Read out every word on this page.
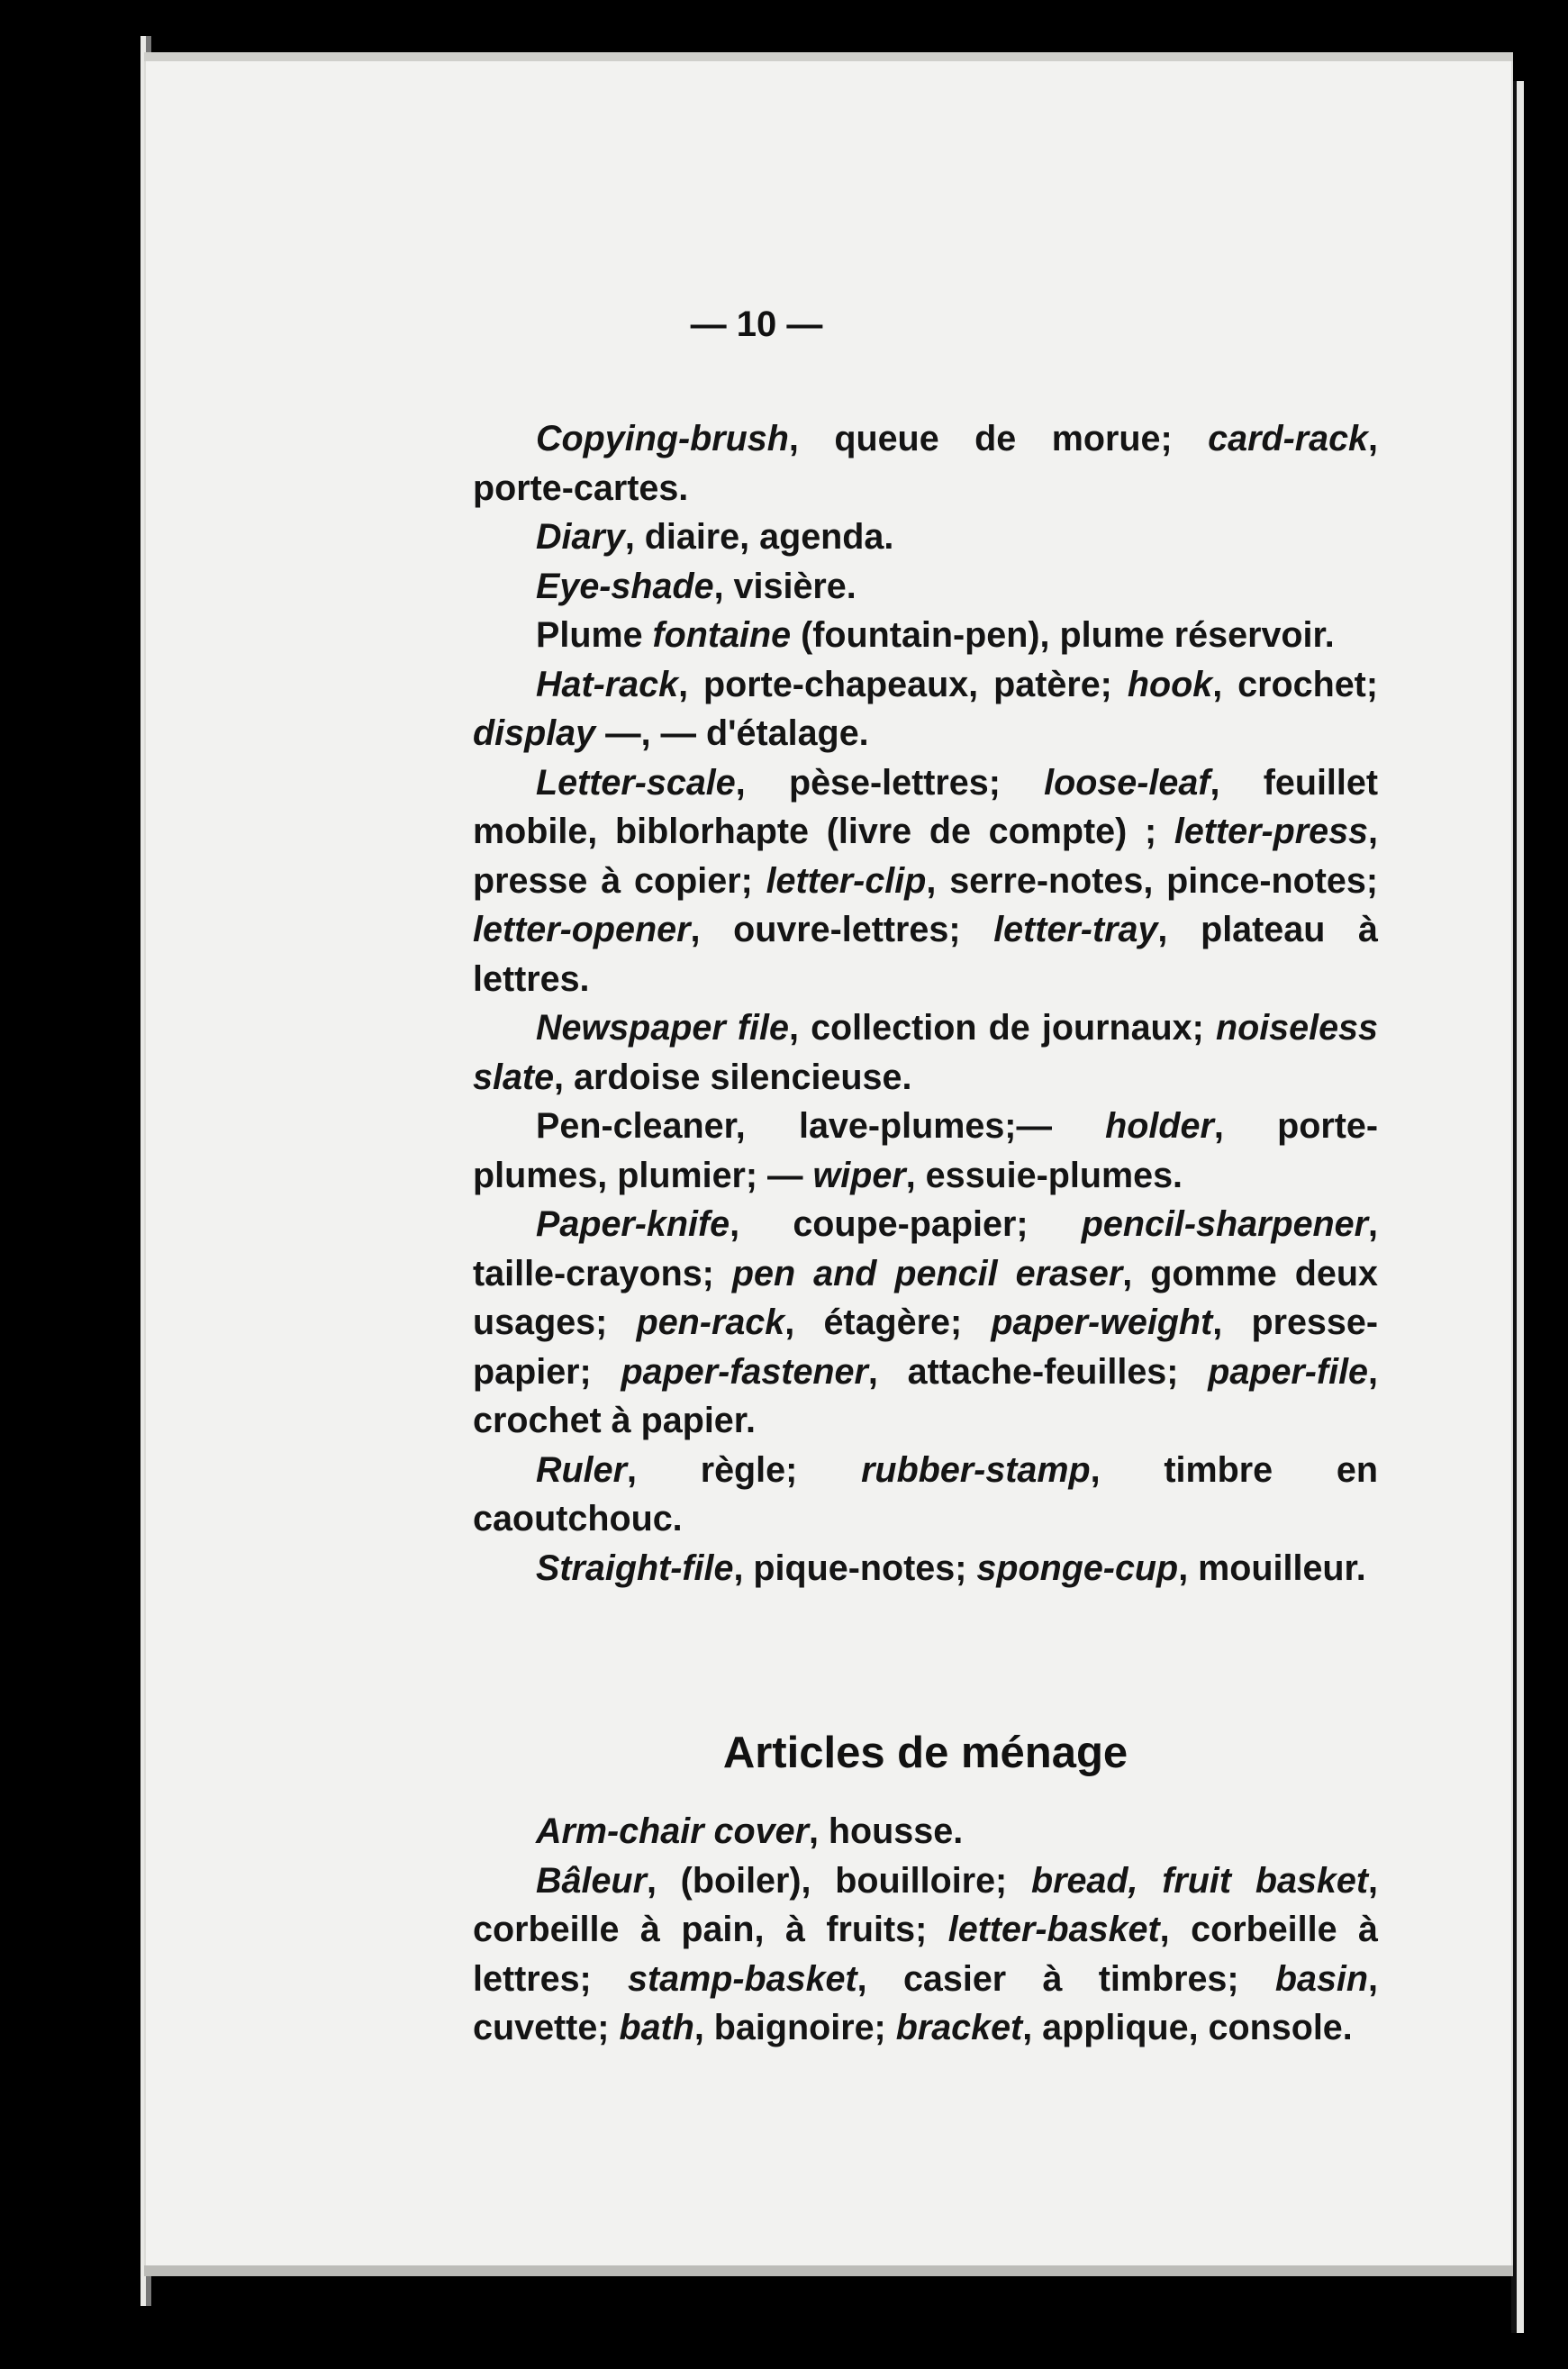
— 10 —

Copying-brush, queue de morue; card-rack, porte-cartes.

Diary, diaire, agenda.

Eye-shade, visière.

Plume fontaine (fountain-pen), plume réservoir.

Hat-rack, porte-chapeaux, patère; hook, crochet; display —, — d'étalage.

Letter-scale, pèse-lettres; loose-leaf, feuillet mobile, biblorhapte (livre de compte) ; letter-press, presse à copier; letter-clip, serre-notes, pince-notes; letter-opener, ouvre-lettres; letter-tray, plateau à lettres.

Newspaper file, collection de journaux; noiseless slate, ardoise silencieuse.

Pen-cleaner, lave-plumes;— holder, porte-plumes, plumier; — wiper, essuie-plumes.

Paper-knife, coupe-papier; pencil-sharpener, taille-crayons; pen and pencil eraser, gomme deux usages; pen-rack, étagère; paper-weight, presse-papier; paper-fastener, attache-feuilles; paper-file, crochet à papier.

Ruler, règle; rubber-stamp, timbre en caoutchouc.

Straight-file, pique-notes; sponge-cup, mouilleur.

Articles de ménage

Arm-chair cover, housse.

Bâleur, (boiler), bouilloire; bread, fruit basket, corbeille à pain, à fruits; letter-basket, corbeille à lettres; stamp-basket, casier à timbres; basin, cuvette; bath, baignoire; bracket, applique, console.
